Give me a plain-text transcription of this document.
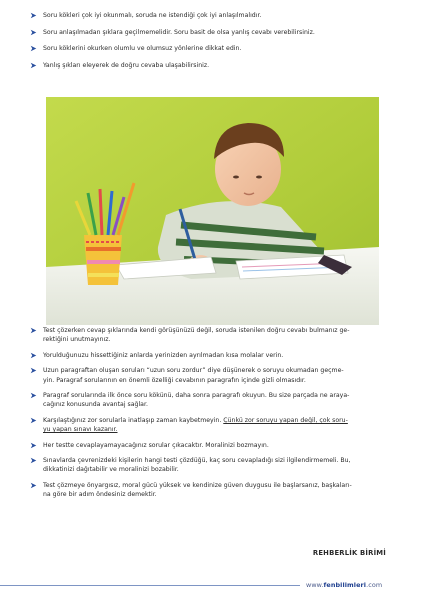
Soru kökleri çok iyi okunmalı, soruda ne istendiği çok iyi anlaşılmalıdır.
Soru anlaşılmadan şıklara geçilmemelidir. Soru basit de olsa yanlış cevabı verebilirsiniz.
Soru köklerini okurken olumlu ve olumsuz yönlerine dikkat edin.
Yanlış şıkları eleyerek de doğru cevaba ulaşabilirsiniz.
Test çözerken cevap şıklarında kendi görüşünüzü değil, soruda istenilen doğru cevabı bulmanız ge-
rektiğini unutmayınız.
Yorulduğunuzu hissettiğiniz anlarda yerinizden ayrılmadan kısa molalar verin.
Uzun paragraftan oluşan soruları “uzun soru zordur” diye düşünerek o soruyu okumadan geçme-
yin. Paragraf sorularının en önemli özelliği cevabının paragrafın içinde gizli olmasıdır.
Paragraf sorularında ilk önce soru kökünü, daha sonra paragrafı okuyun. Bu size parçada ne araya-
cağınız konusunda avantaj sağlar.
Karşılaştığınız zor sorularla inatlaşıp zaman kaybetmeyin. Çünkü zor soruyu yapan değil, çok soru-
yu yapan sınavı kazanır.
Her testte cevaplayamayacağınız sorular çıkacaktır. Moralinizi bozmayın.
Sınavlarda çevrenizdeki kişilerin hangi testi çözdüğü, kaç soru cevapladığı sizi ilgilendirmemeli. Bu,
dikkatinizi dağıtabilir ve moralinizi bozabilir.
Test çözmeye önyargısız, moral gücü yüksek ve kendinize güven duygusu ile başlarsanız, başkaları-
na göre bir adım öndesiniz demektir.
REHBERLİK BİRİMİ
www.fenbilimleri.com
